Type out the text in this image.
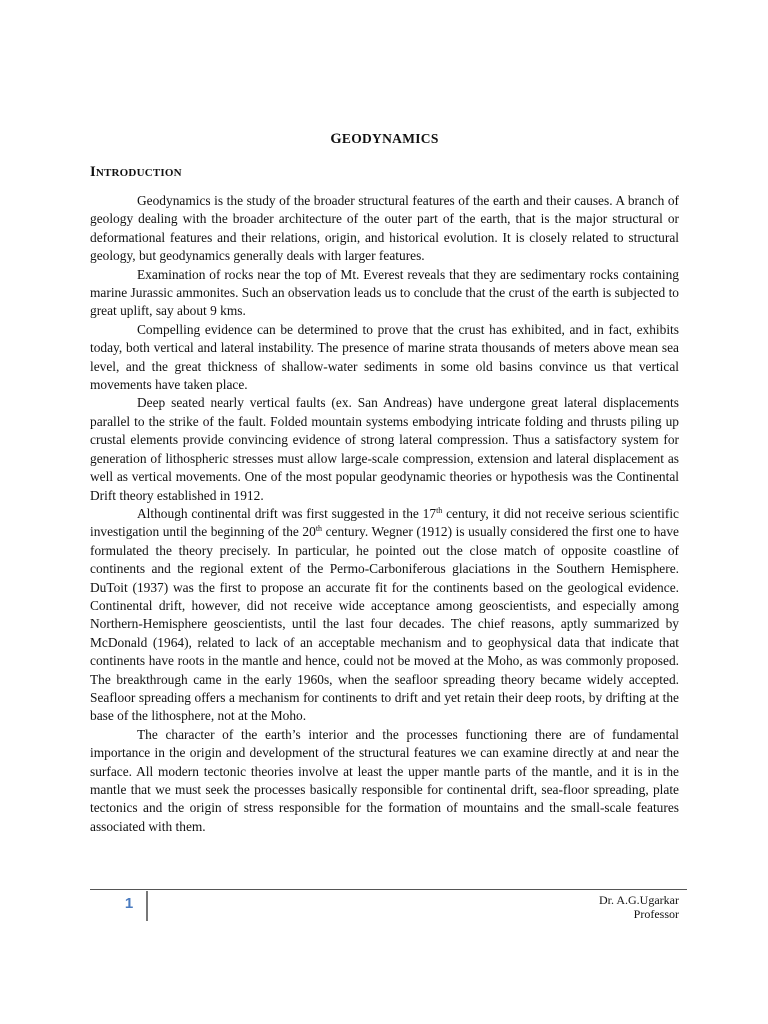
GEODYNAMICS
INTRODUCTION

Geodynamics is the study of the broader structural features of the earth and their causes. A branch of geology dealing with the broader architecture of the outer part of the earth, that is the major structural or deformational features and their relations, origin, and historical evolution. It is closely related to structural geology, but geodynamics generally deals with larger features.

Examination of rocks near the top of Mt. Everest reveals that they are sedimentary rocks containing marine Jurassic ammonites. Such an observation leads us to conclude that the crust of the earth is subjected to great uplift, say about 9 kms.

Compelling evidence can be determined to prove that the crust has exhibited, and in fact, exhibits today, both vertical and lateral instability. The presence of marine strata thousands of meters above mean sea level, and the great thickness of shallow-water sediments in some old basins convince us that vertical movements have taken place.

Deep seated nearly vertical faults (ex. San Andreas) have undergone great lateral displacements parallel to the strike of the fault. Folded mountain systems embodying intricate folding and thrusts piling up crustal elements provide convincing evidence of strong lateral compression. Thus a satisfactory system for generation of lithospheric stresses must allow large-scale compression, extension and lateral displacement as well as vertical movements. One of the most popular geodynamic theories or hypothesis was the Continental Drift theory established in 1912.

Although continental drift was first suggested in the 17th century, it did not receive serious scientific investigation until the beginning of the 20th century. Wegner (1912) is usually considered the first one to have formulated the theory precisely. In particular, he pointed out the close match of opposite coastline of continents and the regional extent of the Permo-Carboniferous glaciations in the Southern Hemisphere. DuToit (1937) was the first to propose an accurate fit for the continents based on the geological evidence. Continental drift, however, did not receive wide acceptance among geoscientists, and especially among Northern-Hemisphere geoscientists, until the last four decades. The chief reasons, aptly summarized by McDonald (1964), related to lack of an acceptable mechanism and to geophysical data that indicate that continents have roots in the mantle and hence, could not be moved at the Moho, as was commonly proposed. The breakthrough came in the early 1960s, when the seafloor spreading theory became widely accepted. Seafloor spreading offers a mechanism for continents to drift and yet retain their deep roots, by drifting at the base of the lithosphere, not at the Moho.

The character of the earth’s interior and the processes functioning there are of fundamental importance in the origin and development of the structural features we can examine directly at and near the surface. All modern tectonic theories involve at least the upper mantle parts of the mantle, and it is in the mantle that we must seek the processes basically responsible for continental drift, sea-floor spreading, plate tectonics and the origin of stress responsible for the formation of mountains and the small-scale features associated with them.

1	Dr. A.G.Ugarkar
Professor
